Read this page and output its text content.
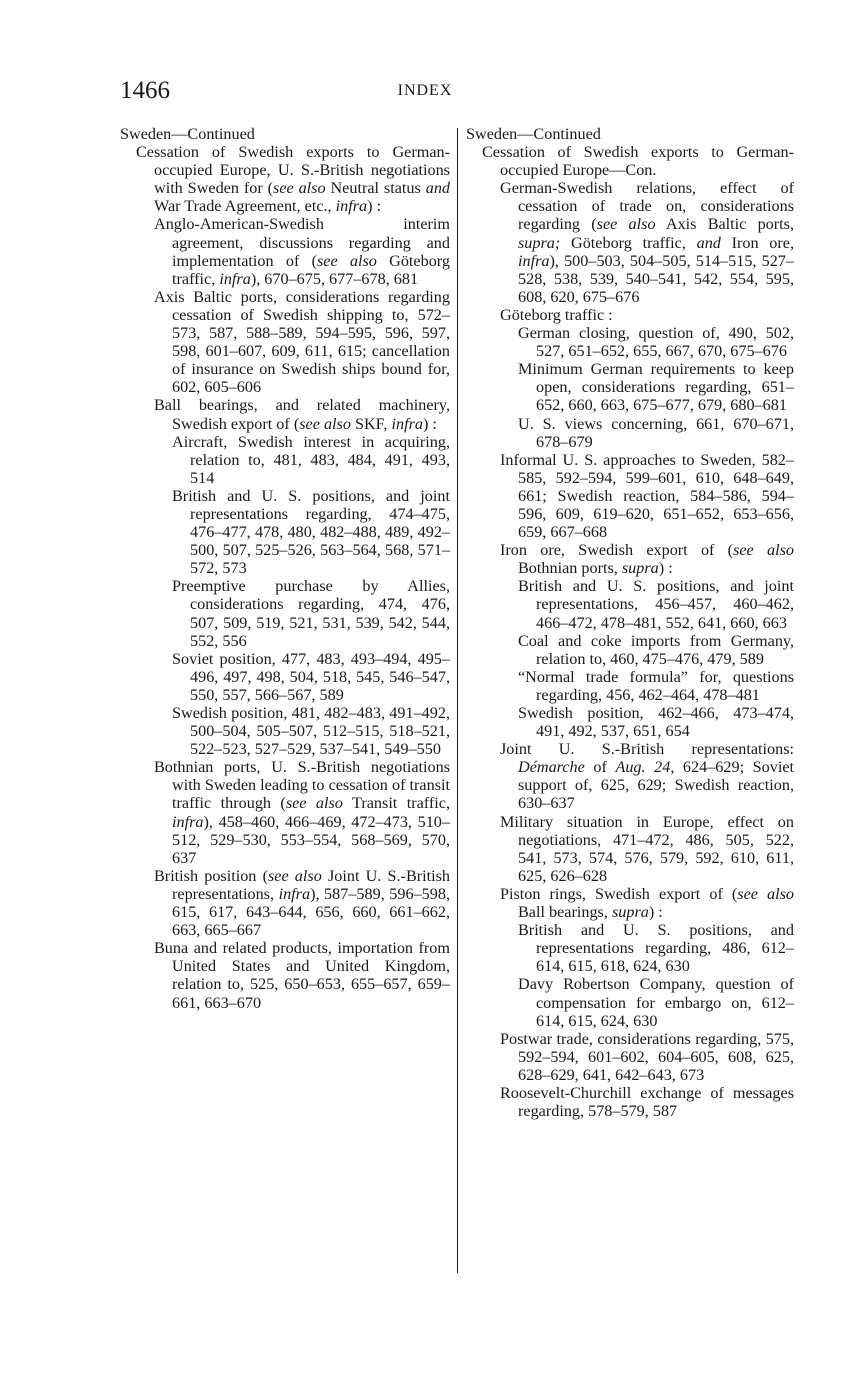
1466	INDEX

Sweden—Continued

Cessation of Swedish exports to German-occupied Europe, U. S.-British negotiations with Sweden for (see also Neutral status and War Trade Agreement, etc., infra) :

Anglo-American-Swedish interim agreement, discussions regarding and implementation of (see also Göteborg traffic, infra), 670–675, 677–678, 681

Axis Baltic ports, considerations regarding cessation of Swedish shipping to, 572–573, 587, 588–589, 594–595, 596, 597, 598, 601–607, 609, 611, 615; cancellation of insurance on Swedish ships bound for, 602, 605–606

Ball bearings, and related machinery, Swedish export of (see also SKF, infra) :

Aircraft, Swedish interest in acquiring, relation to, 481, 483, 484, 491, 493, 514

British and U. S. positions, and joint representations regarding, 474–475, 476–477, 478, 480, 482–488, 489, 492–500, 507, 525–526, 563–564, 568, 571–572, 573

Preemptive purchase by Allies, considerations regarding, 474, 476, 507, 509, 519, 521, 531, 539, 542, 544, 552, 556

Soviet position, 477, 483, 493–494, 495–496, 497, 498, 504, 518, 545, 546–547, 550, 557, 566–567, 589

Swedish position, 481, 482–483, 491–492, 500–504, 505–507, 512–515, 518–521, 522–523, 527–529, 537–541, 549–550

Bothnian ports, U. S.-British negotiations with Sweden leading to cessation of transit traffic through (see also Transit traffic, infra), 458–460, 466–469, 472–473, 510–512, 529–530, 553–554, 568–569, 570, 637

British position (see also Joint U. S.-British representations, infra), 587–589, 596–598, 615, 617, 643–644, 656, 660, 661–662, 663, 665–667

Buna and related products, importation from United States and United Kingdom, relation to, 525, 650–653, 655–657, 659–661, 663–670

Sweden—Continued

Cessation of Swedish exports to German-occupied Europe—Con.

German-Swedish relations, effect of cessation of trade on, considerations regarding (see also Axis Baltic ports, supra; Göteborg traffic, and Iron ore, infra), 500–503, 504–505, 514–515, 527–528, 538, 539, 540–541, 542, 554, 595, 608, 620, 675–676

Göteborg traffic :

German closing, question of, 490, 502, 527, 651–652, 655, 667, 670, 675–676

Minimum German requirements to keep open, considerations regarding, 651–652, 660, 663, 675–677, 679, 680–681

U. S. views concerning, 661, 670–671, 678–679

Informal U. S. approaches to Sweden, 582–585, 592–594, 599–601, 610, 648–649, 661; Swedish reaction, 584–586, 594–596, 609, 619–620, 651–652, 653–656, 659, 667–668

Iron ore, Swedish export of (see also Bothnian ports, supra) :

British and U. S. positions, and joint representations, 456–457, 460–462, 466–472, 478–481, 552, 641, 660, 663

Coal and coke imports from Germany, relation to, 460, 475–476, 479, 589

“Normal trade formula” for, questions regarding, 456, 462–464, 478–481

Swedish position, 462–466, 473–474, 491, 492, 537, 651, 654

Joint U. S.-British representations: Démarche of Aug. 24, 624–629; Soviet support of, 625, 629; Swedish reaction, 630–637

Military situation in Europe, effect on negotiations, 471–472, 486, 505, 522, 541, 573, 574, 576, 579, 592, 610, 611, 625, 626–628

Piston rings, Swedish export of (see also Ball bearings, supra) :

British and U. S. positions, and representations regarding, 486, 612–614, 615, 618, 624, 630

Davy Robertson Company, question of compensation for embargo on, 612–614, 615, 624, 630

Postwar trade, considerations regarding, 575, 592–594, 601–602, 604–605, 608, 625, 628–629, 641, 642–643, 673

Roosevelt-Churchill exchange of messages regarding, 578–579, 587
